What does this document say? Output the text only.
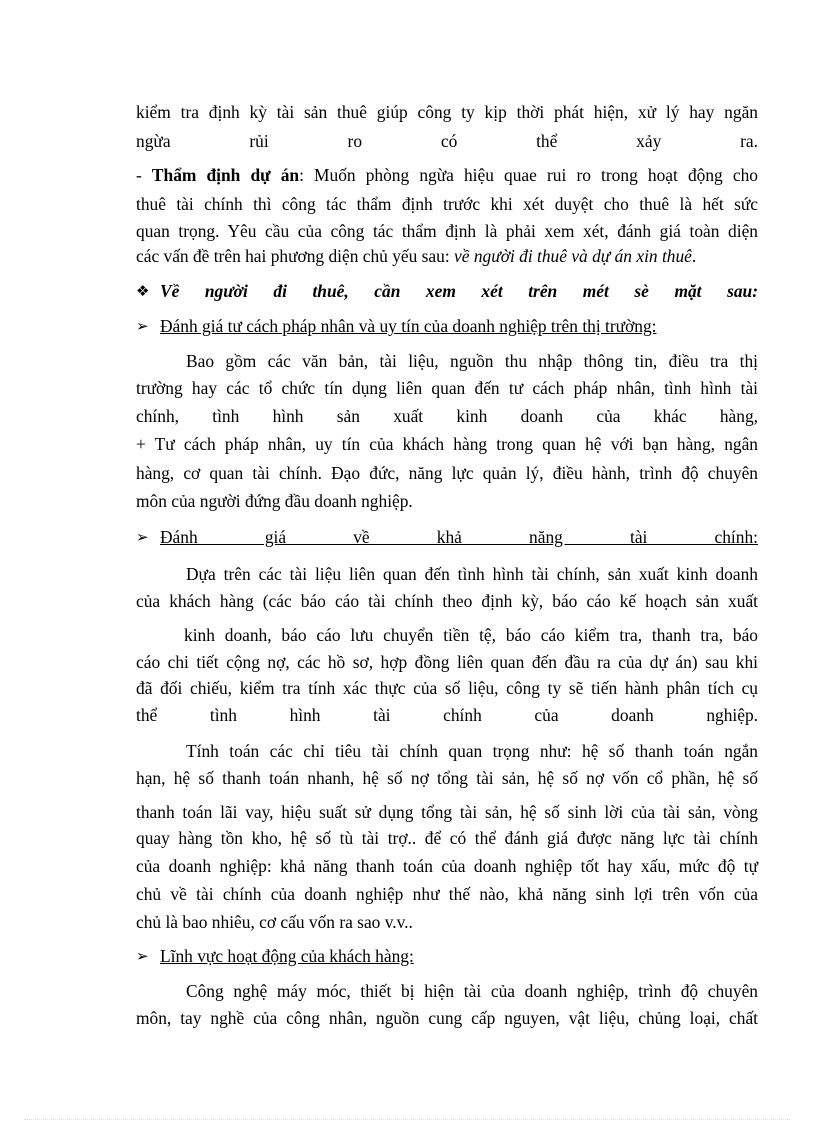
kiểm tra định kỳ tài sản thuê giúp công ty kịp thời phát hiện, xử lý hay ngăn
ngừa rủi ro có thể xảy ra.
- Thẩm định dự án: Muốn phòng ngừa hiệu quae rui ro trong hoạt động cho
thuê tài chính thì công tác thẩm định trước khi xét duyệt cho thuê là hết sức
quan trọng. Yêu cầu của công tác thẩm định là phải xem xét, đánh giá toàn diện
các vấn đề trên hai phương diện chủ yếu sau: về người đi thuê và dự án xin thuê.
❖ Về người đi thuê, cần xem xét trên mét sè mặt sau:
➢ Đánh giá tư cách pháp nhân và uy tín của doanh nghiệp trên thị trường:
Bao gồm các văn bản, tài liệu, nguồn thu nhập thông tin, điều tra thị
trường hay các tổ chức tín dụng liên quan đến tư cách pháp nhân, tình hình tài
chính, tình hình sản xuất kinh doanh của khác hàng,
+ Tư cách pháp nhân, uy tín của khách hàng trong quan hệ với bạn hàng, ngân
hàng, cơ quan tài chính. Đạo đức, năng lực quản lý, điều hành, trình độ chuyên
môn của người đứng đầu doanh nghiệp.
➢ Đánh giá về khả năng tài chính:
Dựa trên các tài liệu liên quan đến tình hình tài chính, sản xuất kinh doanh
của khách hàng (các báo cáo tài chính theo định kỳ, báo cáo kế hoạch sản xuất
kinh doanh, báo cáo lưu chuyển tiền tệ, báo cáo kiểm tra, thanh tra, báo
cáo chi tiết cộng nợ, các hồ sơ, hợp đồng liên quan đến đầu ra của dự án) sau khi
đã đối chiếu, kiểm tra tính xác thực của số liệu, công ty sẽ tiến hành phân tích cụ
thể tình hình tài chính của doanh nghiệp.
Tính toán các chỉ tiêu tài chính quan trọng như: hệ số thanh toán ngắn
hạn, hệ số thanh toán nhanh, hệ số nợ tổng tài sản, hệ số nợ vốn cổ phần, hệ số
thanh toán lãi vay, hiệu suất sử dụng tổng tài sản, hệ số sinh lời của tài sản, vòng
quay hàng tồn kho, hệ số tù tài trợ.. để có thể đánh giá được năng lực tài chính
của doanh nghiệp: khả năng thanh toán của doanh nghiệp tốt hay xấu, mức độ tự
chủ về tài chính của doanh nghiệp như thế nào, khả năng sinh lợi trên vốn của
chủ là bao nhiêu, cơ cấu vốn ra sao v.v..
➢ Lĩnh vực hoạt động của khách hàng:
Công nghệ máy móc, thiết bị hiện tài của doanh nghiệp, trình độ chuyên
môn, tay nghề của công nhân, nguồn cung cấp nguyen, vật liệu, chủng loại, chất
